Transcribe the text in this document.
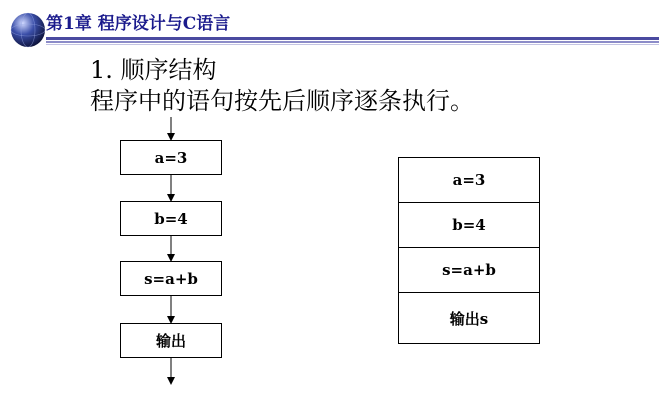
第1章 程序设计与C语言
1. 顺序结构
程序中的语句按先后顺序逐条执行。
a=3
b=4
s=a+b
输出
a=3
b=4
s=a+b
输出s
